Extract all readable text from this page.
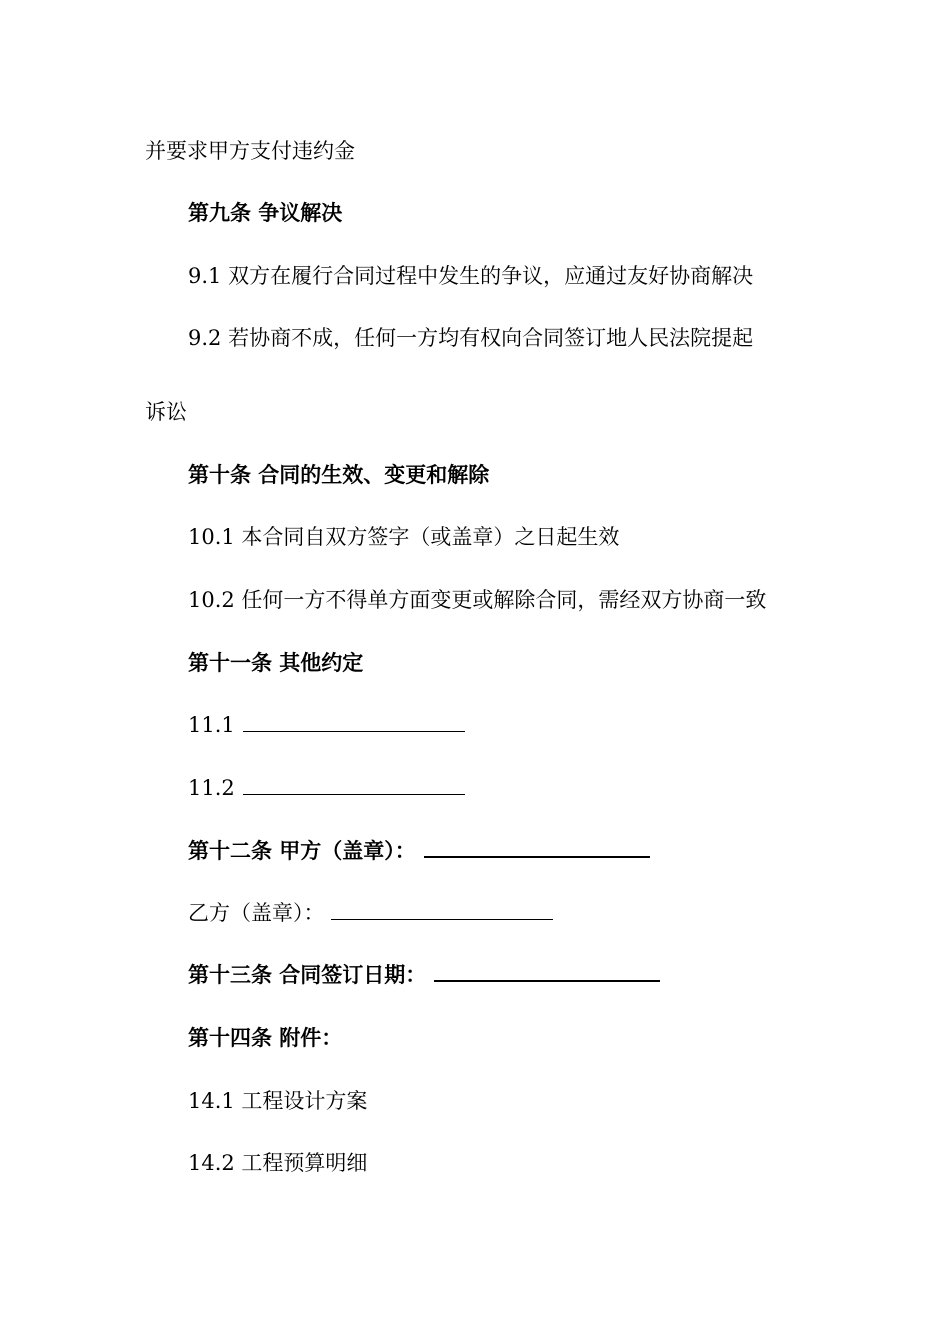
并要求甲方支付违约金
第九条 争议解决
9.1 双方在履行合同过程中发生的争议，应通过友好协商解决
9.2 若协商不成，任何一方均有权向合同签订地人民法院提起
诉讼
第十条 合同的生效、变更和解除
10.1 本合同自双方签字（或盖章）之日起生效
10.2 任何一方不得单方面变更或解除合同，需经双方协商一致
第十一条 其他约定
11.1
11.2
第十二条 甲方（盖章）：
乙方（盖章）：
第十三条 合同签订日期：
第十四条 附件：
14.1 工程设计方案
14.2 工程预算明细
